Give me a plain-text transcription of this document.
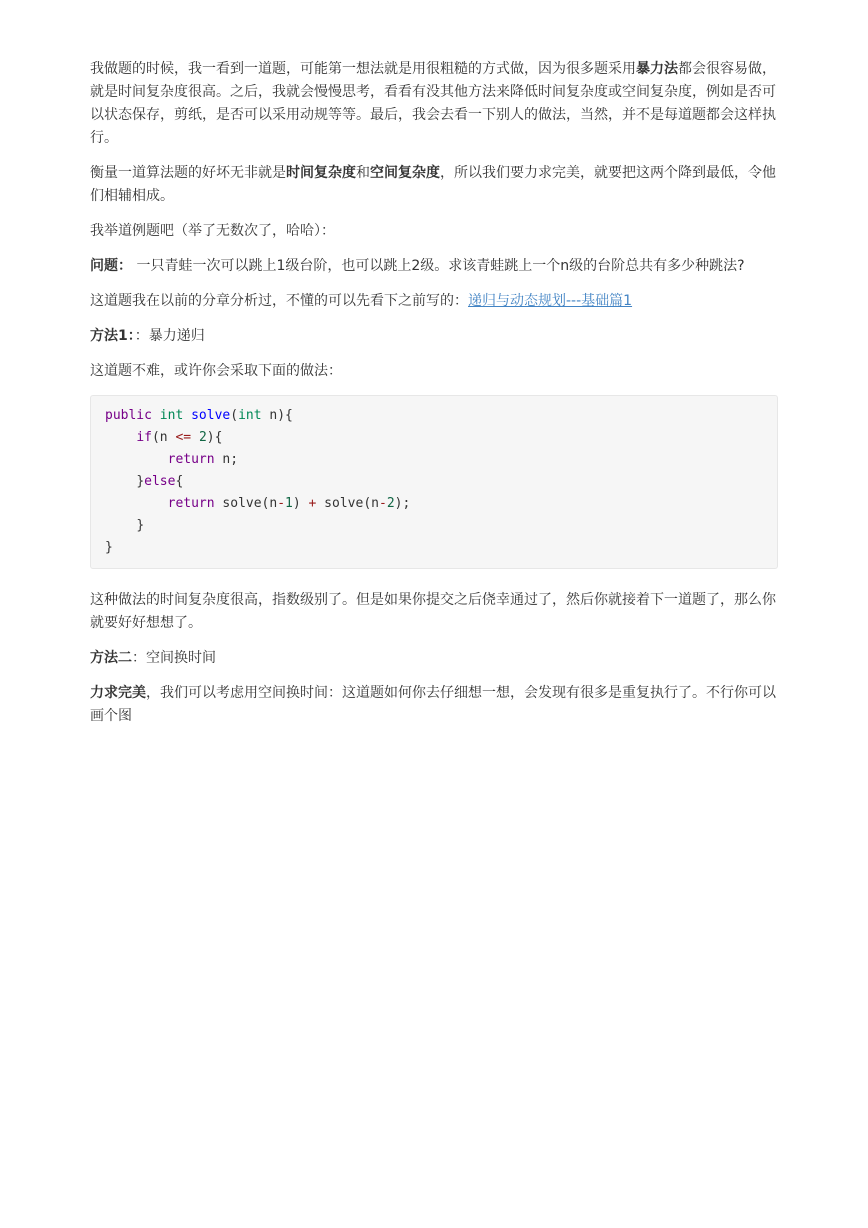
我做题的时候，我一看到一道题，可能第一想法就是用很粗糙的方式做，因为很多题采用暴力法都会很容易做，就是时间复杂度很高。之后，我就会慢慢思考，看看有没其他方法来降低时间复杂度或空间复杂度，例如是否可以状态保存，剪纸，是否可以采用动规等等。最后，我会去看一下别人的做法，当然，并不是每道题都会这样执行。

衡量一道算法题的好坏无非就是时间复杂度和空间复杂度，所以我们要力求完美，就要把这两个降到最低，令他们相辅相成。

我举道例题吧（举了无数次了，哈哈）：

问题： 一只青蛙一次可以跳上1级台阶，也可以跳上2级。求该青蛙跳上一个n级的台阶总共有多少种跳法?

这道题我在以前的分章分析过，不懂的可以先看下之前写的：递归与动态规划---基础篇1

方法1：：暴力递归

这道题不难，或许你会采取下面的做法：

public int solve(int n){
if(n <= 2){
return n;
}else{
return solve(n-1) + solve(n-2);
}
}

这种做法的时间复杂度很高，指数级别了。但是如果你提交之后侥幸通过了，然后你就接着下一道题了，那么你就要好好想想了。

方法二：空间换时间

力求完美，我们可以考虑用空间换时间：这道题如何你去仔细想一想，会发现有很多是重复执行了。不行你可以画个图
